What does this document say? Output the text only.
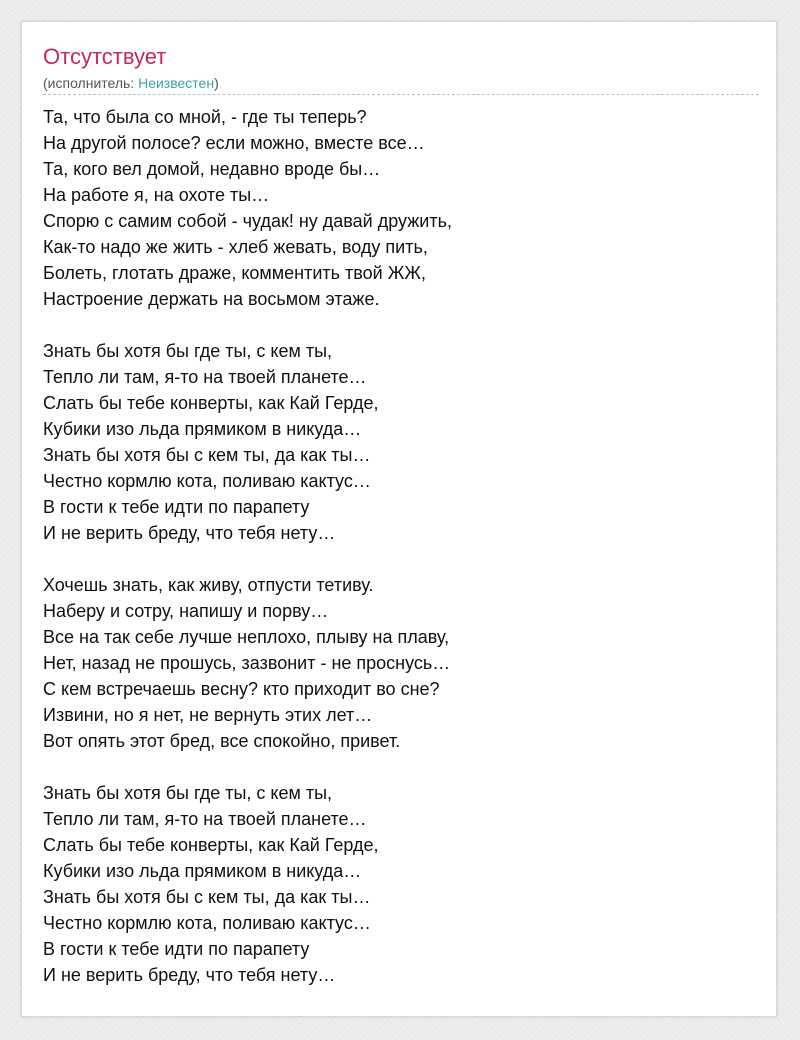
Отсутствует
(исполнитель: Неизвестен)
Та, что была со мной, - где ты теперь?
На другой полосе? если можно, вместе все…
Та, кого вел домой, недавно вроде бы…
На работе я, на охоте ты…
Спорю с самим собой - чудак! ну давай дружить,
Как-то надо же жить - хлеб жевать, воду пить,
Болеть, глотать драже, комментить твой ЖЖ,
Настроение держать на восьмом этаже.
Знать бы хотя бы где ты, с кем ты,
Тепло ли там, я-то на твоей планете…
Слать бы тебе конверты, как Кай Герде,
Кубики изо льда прямиком в никуда…
Знать бы хотя бы с кем ты, да как ты…
Честно кормлю кота, поливаю кактус…
В гости к тебе идти по парапету
И не верить бреду, что тебя нету…
Хочешь знать, как живу, отпусти тетиву.
Наберу и сотру, напишу и порву…
Все на так себе лучше неплохо, плыву на плаву,
Нет, назад не прошусь, зазвонит - не проснусь…
С кем встречаешь весну? кто приходит во сне?
Извини, но я нет, не вернуть этих лет…
Вот опять этот бред, все спокойно, привет.
Знать бы хотя бы где ты, с кем ты,
Тепло ли там, я-то на твоей планете…
Слать бы тебе конверты, как Кай Герде,
Кубики изо льда прямиком в никуда…
Знать бы хотя бы с кем ты, да как ты…
Честно кормлю кота, поливаю кактус…
В гости к тебе идти по парапету
И не верить бреду, что тебя нету…
